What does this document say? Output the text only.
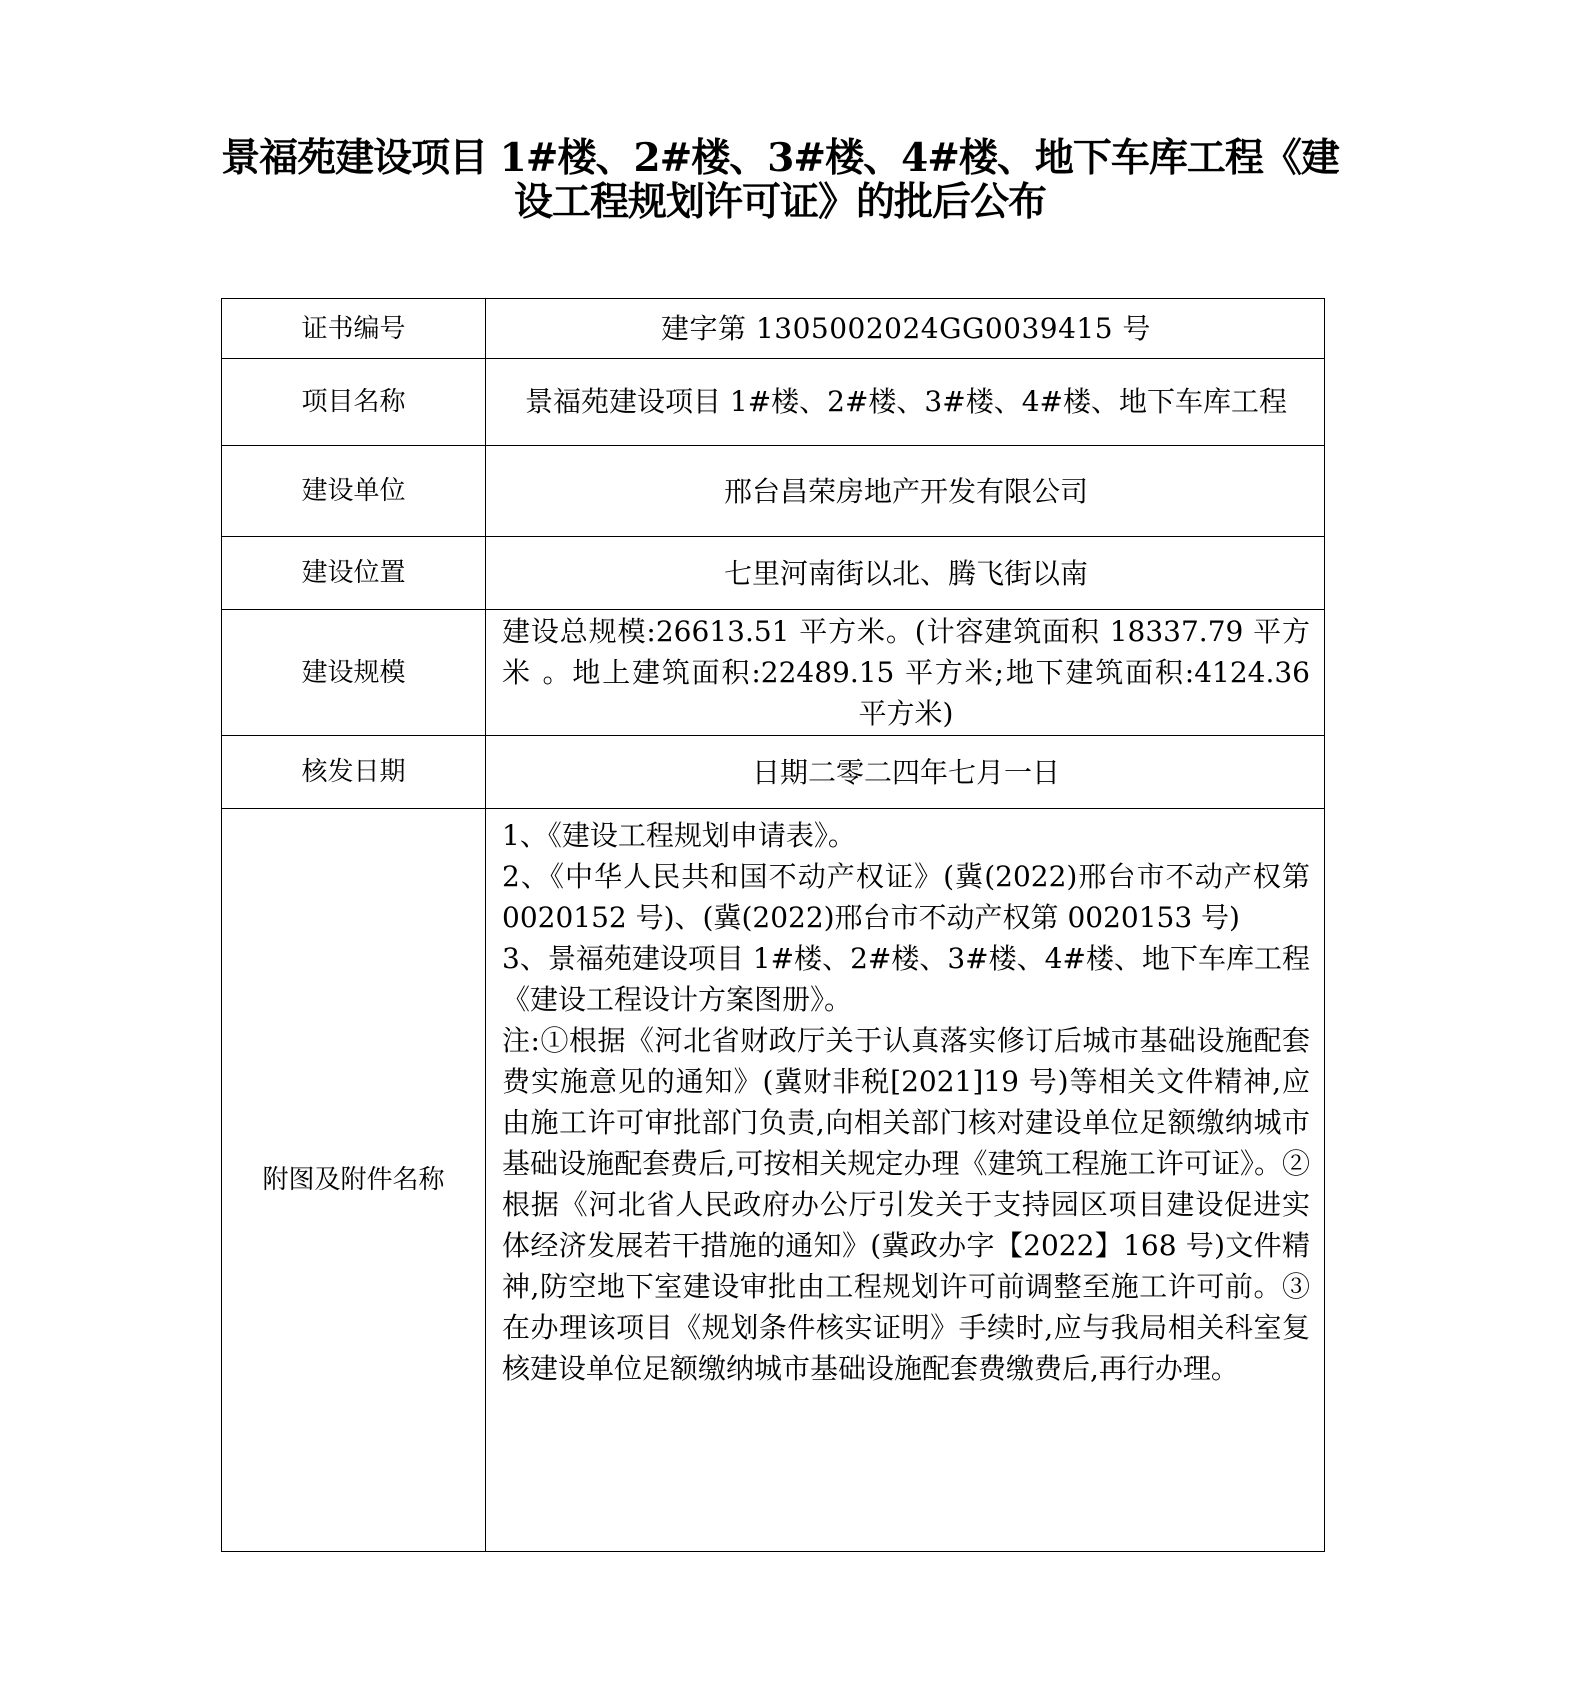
景福苑建设项目 1#楼、2#楼、3#楼、4#楼、地下车库工程《建
设工程规划许可证》的批后公布
证书编号	建字第 1305002024GG0039415 号
项目名称	景福苑建设项目 1#楼、2#楼、3#楼、4#楼、地下车库工程
建设单位	邢台昌荣房地产开发有限公司
建设位置	七里河南街以北、腾飞街以南
建设规模	建设总规模:26613.51 平方米。(计容建筑面积 18337.79 平方米 。地上建筑面积:22489.15 平方米;地下建筑面积:4124.36 平方米)
核发日期	日期二零二四年七月一日
附图及附件名称	1、《建设工程规划申请表》。
2、《中华人民共和国不动产权证》(冀(2022)邢台市不动产权第 0020152 号)、(冀(2022)邢台市不动产权第 0020153 号)
3、景福苑建设项目 1#楼、2#楼、3#楼、4#楼、地下车库工程《建设工程设计方案图册》。
注:①根据《河北省财政厅关于认真落实修订后城市基础设施配套费实施意见的通知》(冀财非税[2021]19 号)等相关文件精神,应由施工许可审批部门负责,向相关部门核对建设单位足额缴纳城市基础设施配套费后,可按相关规定办理《建筑工程施工许可证》。②根据《河北省人民政府办公厅引发关于支持园区项目建设促进实体经济发展若干措施的通知》(冀政办字【2022】168 号)文件精神,防空地下室建设审批由工程规划许可前调整至施工许可前。③在办理该项目《规划条件核实证明》手续时,应与我局相关科室复核建设单位足额缴纳城市基础设施配套费缴费后,再行办理。
